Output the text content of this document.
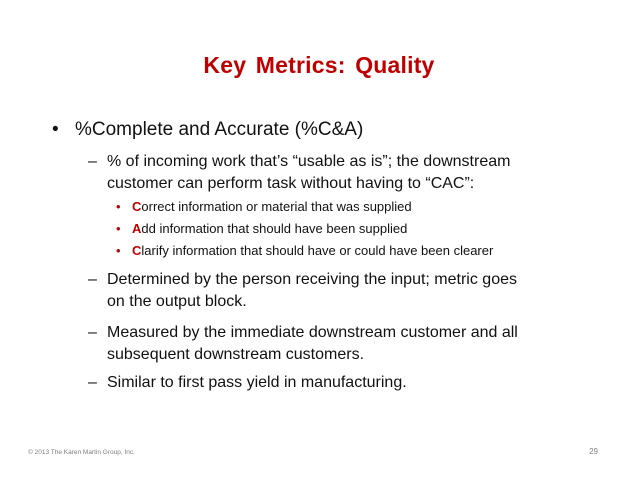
Key Metrics: Quality
• %Complete and Accurate (%C&A)
– % of incoming work that’s “usable as is”; the downstream
customer can perform task without having to “CAC”:
• Correct information or material that was supplied
• Add information that should have been supplied
• Clarify information that should have or could have been clearer
– Determined by the person receiving the input; metric goes
on the output block.
– Measured by the immediate downstream customer and all
subsequent downstream customers.
– Similar to first pass yield in manufacturing.
© 2013 The Karen Martin Group, Inc.	29
